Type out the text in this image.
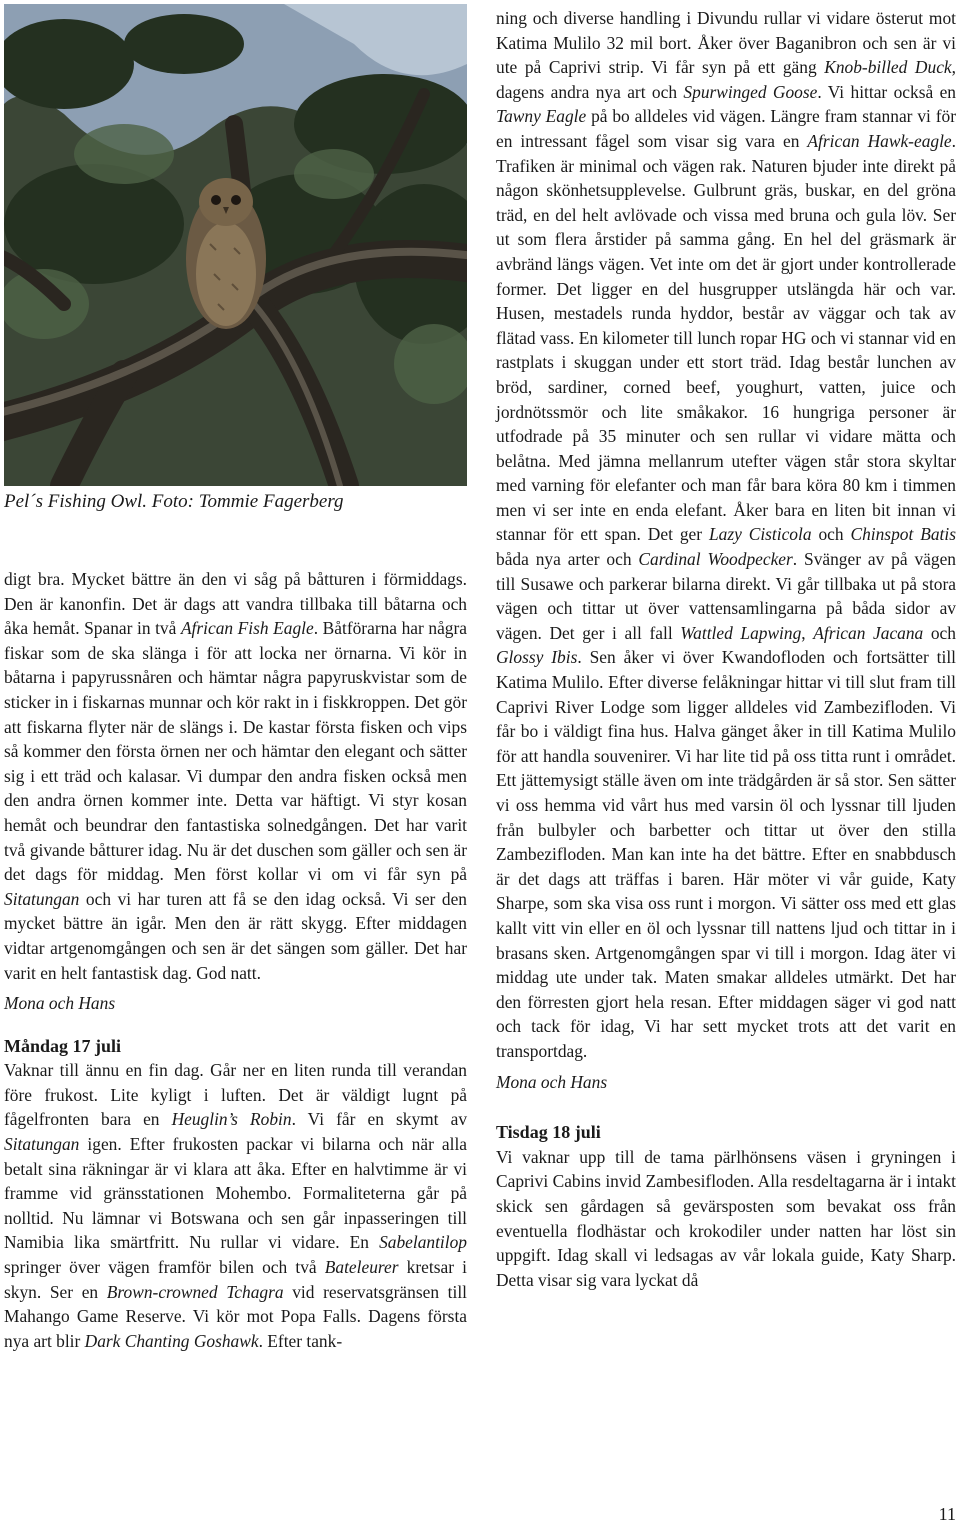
Pel´s Fishing Owl. Foto: Tommie Fagerberg

digt bra. Mycket bättre än den vi såg på båtturen i förmiddags. Den är kanonfin. Det är dags att vandra tillbaka till båtarna och åka hemåt. Spanar in två African Fish Eagle. Båtförarna har några fiskar som de ska slänga i för att locka ner örnarna. Vi kör in båtarna i papyrussnåren och hämtar några papyruskvistar som de sticker in i fiskarnas munnar och kör rakt in i fiskkroppen. Det gör att fiskarna flyter när de slängs i. De kastar första fisken och vips så kommer den första örnen ner och hämtar den elegant och sätter sig i ett träd och kalasar. Vi dumpar den andra fisken också men den andra örnen kommer inte. Detta var häftigt. Vi styr kosan hemåt och beundrar den fantastiska solnedgången. Det har varit två givande båtturer idag. Nu är det duschen som gäller och sen är det dags för middag. Men först kollar vi om vi får syn på Sitatungan och vi har turen att få se den idag också. Vi ser den mycket bättre än igår. Men den är rätt skygg. Efter middagen vidtar artgenomgången och sen är det sängen som gäller. Det har varit en helt fantastisk dag. God natt.

Mona och Hans

Måndag 17 juli

Vaknar till ännu en fin dag. Går ner en liten runda till verandan före frukost. Lite kyligt i luften. Det är väldigt lugnt på fågelfronten bara en Heuglin’s Robin. Vi får en skymt av Sitatungan igen. Efter frukosten packar vi bilarna och när alla betalt sina räkningar är vi klara att åka. Efter en halvtimme är vi framme vid gränsstationen Mohembo. Formaliteterna går på nolltid. Nu lämnar vi Botswana och sen går inpasseringen till Namibia lika smärtfritt. Nu rullar vi vidare. En Sabelantilop springer över vägen framför bilen och två Bateleurer kretsar i skyn. Ser en Brown-crowned Tchagra vid reservatsgränsen till Mahango Game Reserve. Vi kör mot Popa Falls. Dagens första nya art blir Dark Chanting Goshawk. Efter tank-

ning och diverse handling i Divundu rullar vi vidare österut mot Katima Mulilo 32 mil bort. Åker över Baganibron och sen är vi ute på Caprivi strip. Vi får syn på ett gäng Knob-billed Duck, dagens andra nya art och Spurwinged Goose. Vi hittar också en Tawny Eagle på bo alldeles vid vägen. Längre fram stannar vi för en intressant fågel som visar sig vara en African Hawk-eagle. Trafiken är minimal och vägen rak. Naturen bjuder inte direkt på någon skönhetsupplevelse. Gulbrunt gräs, buskar, en del gröna träd, en del helt avlövade och vissa med bruna och gula löv. Ser ut som flera årstider på samma gång. En hel del gräsmark är avbränd längs vägen. Vet inte om det är gjort under kontrollerade former. Det ligger en del husgrupper utslängda här och var. Husen, mestadels runda hyddor, består av väggar och tak av flätad vass. En kilometer till lunch ropar HG och vi stannar vid en rastplats i skuggan under ett stort träd. Idag består lunchen av bröd, sardiner, corned beef, youghurt, vatten, juice och jordnötssmör och lite småkakor. 16 hungriga personer är utfodrade på 35 minuter och sen rullar vi vidare mätta och belåtna. Med jämna mellanrum utefter vägen står stora skyltar med varning för elefanter och man får bara köra 80 km i timmen men vi ser inte en enda elefant. Åker bara en liten bit innan vi stannar för ett span. Det ger Lazy Cisticola och Chinspot Batis båda nya arter och Cardinal Woodpecker. Svänger av på vägen till Susawe och parkerar bilarna direkt. Vi går tillbaka ut på stora vägen och tittar ut över vattensamlingarna på båda sidor av vägen. Det ger i all fall Wattled Lapwing, African Jacana och Glossy Ibis. Sen åker vi över Kwandofloden och fortsätter till Katima Mulilo. Efter diverse felåkningar hittar vi till slut fram till Caprivi River Lodge som ligger alldeles vid Zambezifloden. Vi får bo i väldigt fina hus. Halva gänget åker in till Katima Mulilo för att handla souvenirer. Vi har lite tid på oss titta runt i området. Ett jättemysigt ställe även om inte trädgården är så stor. Sen sätter vi oss hemma vid vårt hus med varsin öl och lyssnar till ljuden från bulbyler och barbetter och tittar ut över den stilla Zambezifloden. Man kan inte ha det bättre. Efter en snabbdusch är det dags att träffas i baren. Här möter vi vår guide, Katy Sharpe, som ska visa oss runt i morgon. Vi sätter oss med ett glas kallt vitt vin eller en öl och lyssnar till nattens ljud och tittar in i brasans sken. Artgenomgången spar vi till i morgon. Idag äter vi middag ute under tak. Maten smakar alldeles utmärkt. Det har den förresten gjort hela resan. Efter middagen säger vi god natt och tack för idag, Vi har sett mycket trots att det varit en transportdag.

Mona och Hans

Tisdag 18 juli

Vi vaknar upp till de tama pärlhönsens väsen i gryningen i Caprivi Cabins invid Zambesifloden. Alla resdeltagarna är i intakt skick sen gårdagen så gevärsposten som bevakat oss från eventuella flodhästar och krokodiler under natten har löst sin uppgift. Idag skall vi ledsagas av vår lokala guide, Katy Sharp. Detta visar sig vara lyckat då

11
